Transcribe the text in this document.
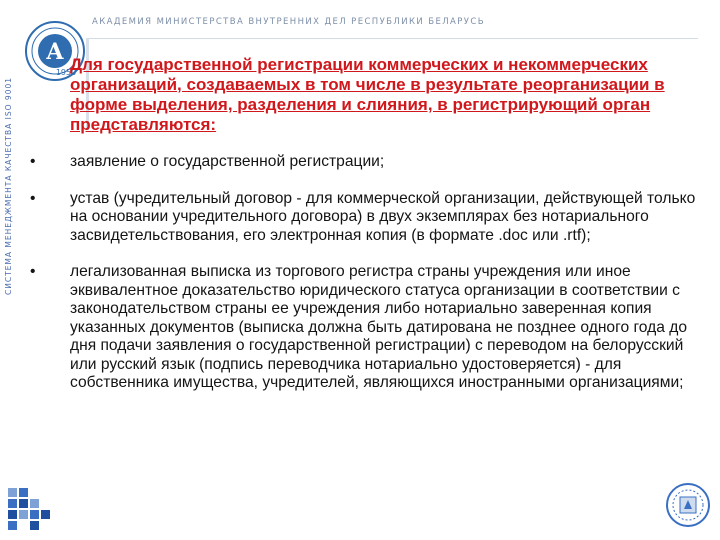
АКАДЕМИЯ МИНИСТЕРСТВА ВНУТРЕННИХ ДЕЛ РЕСПУБЛИКИ БЕЛАРУСЬ
А
1950
СИСТЕМА МЕНЕДЖМЕНТА КАЧЕСТВА ISO 9001

Для государственной регистрации коммерческих и некоммерческих организаций, создаваемых в том числе в результате реорганизации в форме выделения, разделения и слияния, в регистрирующий орган представляются:

• заявление о государственной регистрации;
• устав (учредительный договор - для коммерческой организации, действующей только на основании учредительного договора) в двух экземплярах без нотариального засвидетельствования, его электронная копия (в формате .doc или .rtf);
• легализованная выписка из торгового регистра страны учреждения или иное эквивалентное доказательство юридического статуса организации в соответствии с законодательством страны ее учреждения либо нотариально заверенная копия указанных документов (выписка должна быть датирована не позднее одного года до дня подачи заявления о государственной регистрации) с переводом на белорусский или русский язык (подпись переводчика нотариально удостоверяется) - для собственника имущества, учредителей, являющихся иностранными организациями;
